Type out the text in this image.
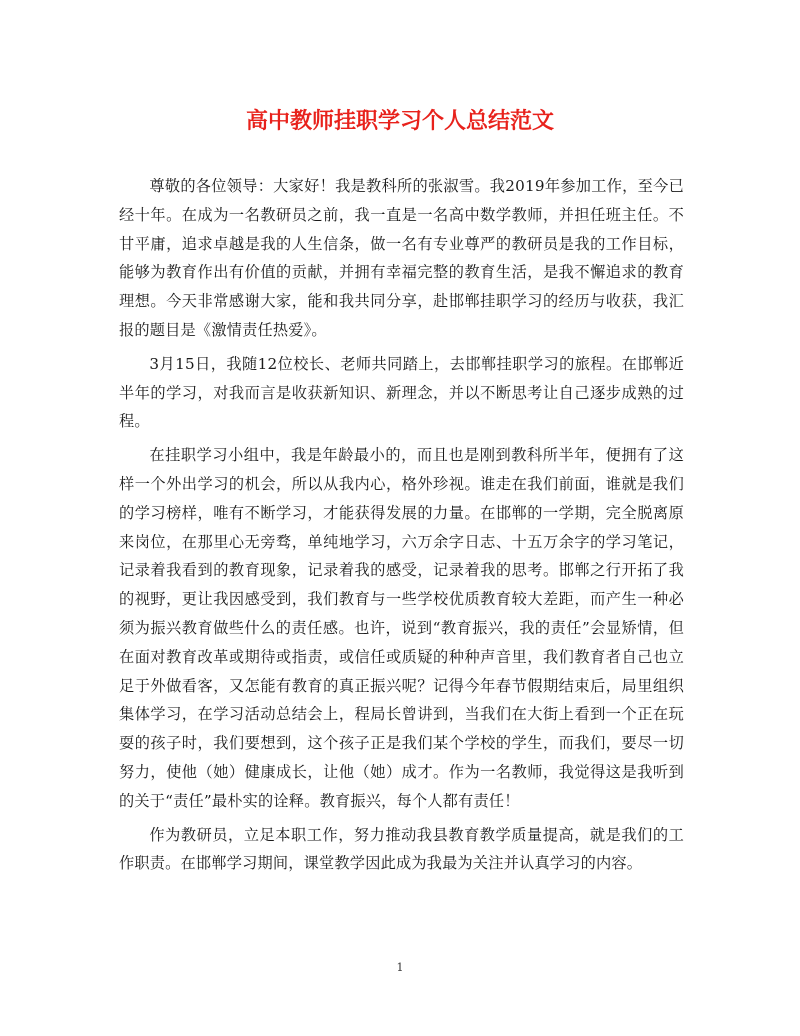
高中教师挂职学习个人总结范文

尊敬的各位领导：大家好！我是教科所的张淑雪。我2019年参加工作，至今已经十年。在成为一名教研员之前，我一直是一名高中数学教师，并担任班主任。不甘平庸，追求卓越是我的人生信条，做一名有专业尊严的教研员是我的工作目标，能够为教育作出有价值的贡献，并拥有幸福完整的教育生活，是我不懈追求的教育理想。今天非常感谢大家，能和我共同分享，赴邯郸挂职学习的经历与收获，我汇报的题目是《激情责任热爱》。

3月15日，我随12位校长、老师共同踏上，去邯郸挂职学习的旅程。在邯郸近半年的学习，对我而言是收获新知识、新理念，并以不断思考让自己逐步成熟的过程。

在挂职学习小组中，我是年龄最小的，而且也是刚到教科所半年，便拥有了这样一个外出学习的机会，所以从我内心，格外珍视。谁走在我们前面，谁就是我们的学习榜样，唯有不断学习，才能获得发展的力量。在邯郸的一学期，完全脱离原来岗位，在那里心无旁骛，单纯地学习，六万余字日志、十五万余字的学习笔记，记录着我看到的教育现象，记录着我的感受，记录着我的思考。邯郸之行开拓了我的视野，更让我因感受到，我们教育与一些学校优质教育较大差距，而产生一种必须为振兴教育做些什么的责任感。也许，说到“教育振兴，我的责任”会显矫情，但在面对教育改革或期待或指责，或信任或质疑的种种声音里，我们教育者自己也立足于外做看客，又怎能有教育的真正振兴呢？记得今年春节假期结束后，局里组织集体学习，在学习活动总结会上，程局长曾讲到，当我们在大街上看到一个正在玩耍的孩子时，我们要想到，这个孩子正是我们某个学校的学生，而我们，要尽一切努力，使他（她）健康成长，让他（她）成才。作为一名教师，我觉得这是我听到的关于“责任”最朴实的诠释。教育振兴，每个人都有责任！

作为教研员，立足本职工作，努力推动我县教育教学质量提高，就是我们的工作职责。在邯郸学习期间，课堂教学因此成为我最为关注并认真学习的内容。

1
